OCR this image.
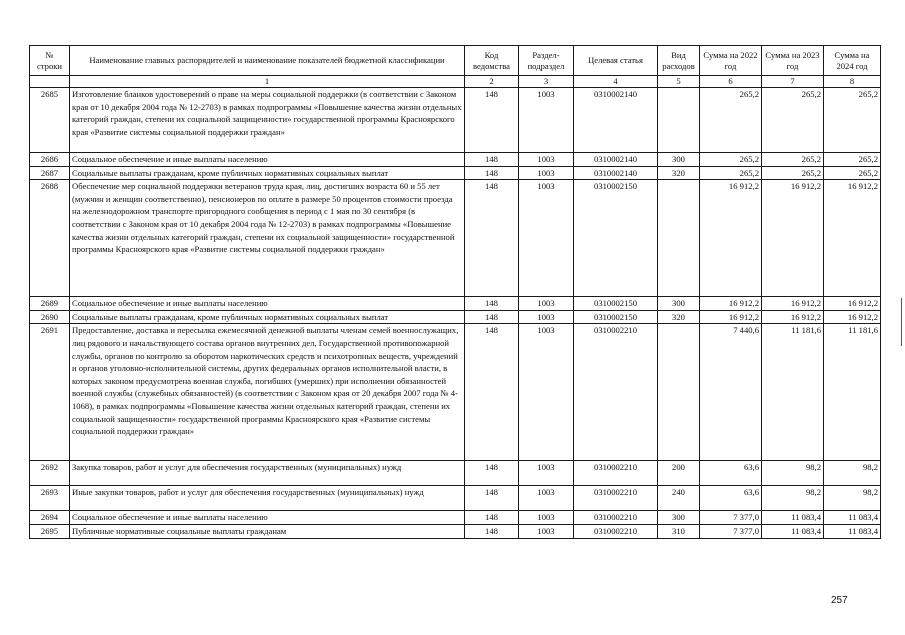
№ строки	Наименование главных распорядителей и наименование показателей бюджетной классификации	Код ведомства	Раздел-подраздел	Целевая статья	Вид расходов	Сумма на 2022 год	Сумма на 2023 год	Сумма на 2024 год
	1	2	3	4	5	6	7	8
2685	Изготовление бланков удостоверений о праве на меры социальной поддержки (в соответствии с Законом края от 10 декабря 2004 года № 12-2703) в рамках подпрограммы «Повышение качества жизни отдельных категорий граждан, степени их социальной защищенности» государственной программы Красноярского края «Развитие системы социальной поддержки граждан»	148	1003	0310002140		265,2	265,2	265,2
2686	Социальное обеспечение и иные выплаты населению	148	1003	0310002140	300	265,2	265,2	265,2
2687	Социальные выплаты гражданам, кроме публичных нормативных социальных выплат	148	1003	0310002140	320	265,2	265,2	265,2
2688	Обеспечение мер социальной поддержки ветеранов труда края, лиц, достигших возраста 60 и 55 лет (мужчин и женщин соответственно), пенсионеров по оплате в размере 50 процентов стоимости проезда на железнодорожном транспорте пригородного сообщения в период с 1 мая по 30 сентября (в соответствии с Законом края от 10 декабря 2004 года № 12-2703) в рамках подпрограммы «Повышение качества жизни отдельных категорий граждан, степени их социальной защищенности» государственной программы Красноярского края «Развитие системы социальной поддержки граждан»	148	1003	0310002150		16 912,2	16 912,2	16 912,2
2689	Социальное обеспечение и иные выплаты населению	148	1003	0310002150	300	16 912,2	16 912,2	16 912,2
2690	Социальные выплаты гражданам, кроме публичных нормативных социальных выплат	148	1003	0310002150	320	16 912,2	16 912,2	16 912,2
2691	Предоставление, доставка и пересылка ежемесячной денежной выплаты членам семей военнослужащих, лиц рядового и начальствующего состава органов внутренних дел, Государственной противопожарной службы, органов по контролю за оборотом наркотических средств и психотропных веществ, учреждений и органов уголовно-исполнительной системы, других федеральных органов исполнительной власти, в которых законом предусмотрена военная служба, погибших (умерших) при исполнении обязанностей военной службы (служебных обязанностей) (в соответствии с Законом края от 20 декабря 2007 года № 4-1068), в рамках подпрограммы «Повышение качества жизни отдельных категорий граждан, степени их социальной защищенности» государственной программы Красноярского края «Развитие системы социальной поддержки граждан»	148	1003	0310002210		7 440,6	11 181,6	11 181,6
2692	Закупка товаров, работ и услуг для обеспечения государственных (муниципальных) нужд	148	1003	0310002210	200	63,6	98,2	98,2
2693	Иные закупки товаров, работ и услуг для обеспечения государственных (муниципальных) нужд	148	1003	0310002210	240	63,6	98,2	98,2
2694	Социальное обеспечение и иные выплаты населению	148	1003	0310002210	300	7 377,0	11 083,4	11 083,4
2695	Публичные нормативные социальные выплаты гражданам	148	1003	0310002210	310	7 377,0	11 083,4	11 083,4
257
